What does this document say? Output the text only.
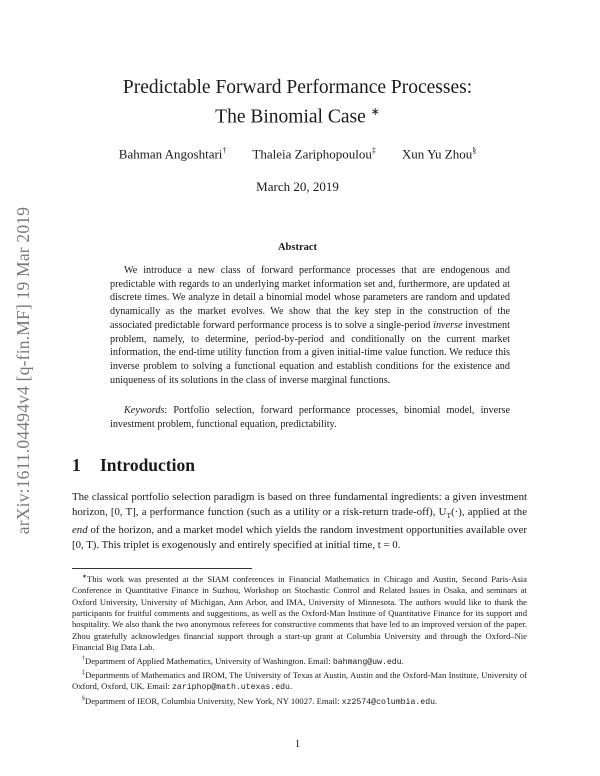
arXiv:1611.04494v4 [q-fin.MF] 19 Mar 2019
Predictable Forward Performance Processes:
The Binomial Case ∗
Bahman Angoshtari† Thaleia Zariphopoulou‡ Xun Yu Zhou§
March 20, 2019
Abstract

We introduce a new class of forward performance processes that are endogenous and predictable with regards to an underlying market information set and, furthermore, are updated at discrete times. We analyze in detail a binomial model whose parameters are random and updated dynamically as the market evolves. We show that the key step in the construction of the associated predictable forward performance process is to solve a single-period inverse investment problem, namely, to determine, period-by-period and conditionally on the current market information, the end-time utility function from a given initial-time value function. We reduce this inverse problem to solving a functional equation and establish conditions for the existence and uniqueness of its solutions in the class of inverse marginal functions.

Keywords: Portfolio selection, forward performance processes, binomial model, inverse investment problem, functional equation, predictability.

1 Introduction

The classical portfolio selection paradigm is based on three fundamental ingredients: a given investment horizon, [0, T], a performance function (such as a utility or a risk-return trade-off), $U_T(\cdot)$, applied at the end of the horizon, and a market model which yields the random investment opportunities available over [0, T). This triplet is exogenously and entirely specified at initial time, t = 0.

∗This work was presented at the SIAM conferences in Financial Mathematics in Chicago and Austin, Second Paris-Asia Conference in Quantitative Finance in Suzhou, Workshop on Stochastic Control and Related Issues in Osaka, and seminars at Oxford University, University of Michigan, Ann Arbor, and IMA, University of Minnesota. The authors would like to thank the participants for fruitful comments and suggestions, as well as the Oxford-Man Institute of Quantitative Finance for its support and hospitality. We also thank the two anonymous referees for constructive comments that have led to an improved version of the paper. Zhou gratefully acknowledges financial support through a start-up grant at Columbia University and through the Oxford–Nie Financial Big Data Lab.

†Department of Applied Mathematics, University of Washington. Email: bahmang@uw.edu.

‡Departments of Mathematics and IROM, The University of Texas at Austin, Austin and the Oxford-Man Institute, University of Oxford, Oxford, UK. Email: zariphop@math.utexas.edu.

§Department of IEOR, Columbia University, New York, NY 10027. Email: xz2574@columbia.edu.

1
